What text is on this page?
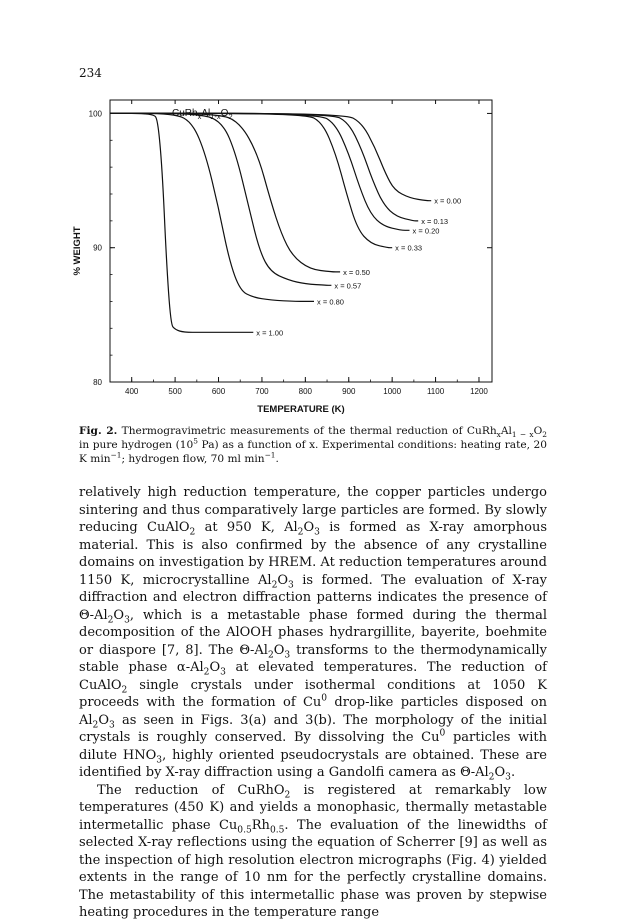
234
400	500	600	700	800	900	1000	1100	1200
80
90
100
TEMPERATURE (K)
% WEIGHT
$CuRh_xAl_{1-x}O_2$
x = 1.00
x = 0.80
x = 0.57
x = 0.50
x = 0.33
x = 0.20
x = 0.13
x = 0.00
Fig. 2. Thermogravimetric measurements of the thermal reduction of $CuRh_xAl_{1 - x}O_2$ in pure hydrogen ($10^5$ Pa) as a function of x. Experimental conditions: heating rate, 20 K $\min^{-1}$; hydrogen flow, 70 ml $\min^{-1}$.

relatively high reduction temperature, the copper particles undergo sintering and thus comparatively large particles are formed. By slowly reducing CuAlO$_2$ at 950 K, $Al_2O_3$ is formed as X-ray amorphous material. This is also confirmed by the absence of any crystalline domains on investigation by HREM. At reduction temperatures around 1150 K, microcrystalline $Al_2O_3$ is formed. The evaluation of X-ray diffraction and electron diffraction patterns indicates the presence of $\Theta-Al_2O_3$, which is a metastable phase formed during the thermal decomposition of the AlOOH phases hydrargillite, bayerite, boehmite or diaspore [7, 8]. The $\Theta-Al_2O_3$ transforms to the thermodynamically stable phase $\alpha-Al_2O_3$ at elevated temperatures. The reduction of CuAlO$_2$ single crystals under isothermal conditions at 1050 K proceeds with the formation of Cu$^0$ drop-like particles disposed on $Al_2O_3$ as seen in Figs. 3(a) and 3(b). The morphology of the initial crystals is roughly conserved. By dissolving the Cu$^0$ particles with dilute $HNO_3$, highly oriented pseudocrystals are obtained. These are identified by X-ray diffraction using a Gandolfi camera as $\Theta-Al_2O_3$.

The reduction of CuRhO$_2$ is registered at remarkably low temperatures (450 K) and yields a monophasic, thermally metastable intermetallic phase $Cu_{0.5}Rh_{0.5}$. The evaluation of the linewidths of selected X-ray reflections using the equation of Scherrer [9] as well as the inspection of high resolution electron micrographs (Fig. 4) yielded extents in the range of 10 nm for the perfectly crystalline domains. The metastability of this intermetallic phase was proven by stepwise heating procedures in the temperature range
